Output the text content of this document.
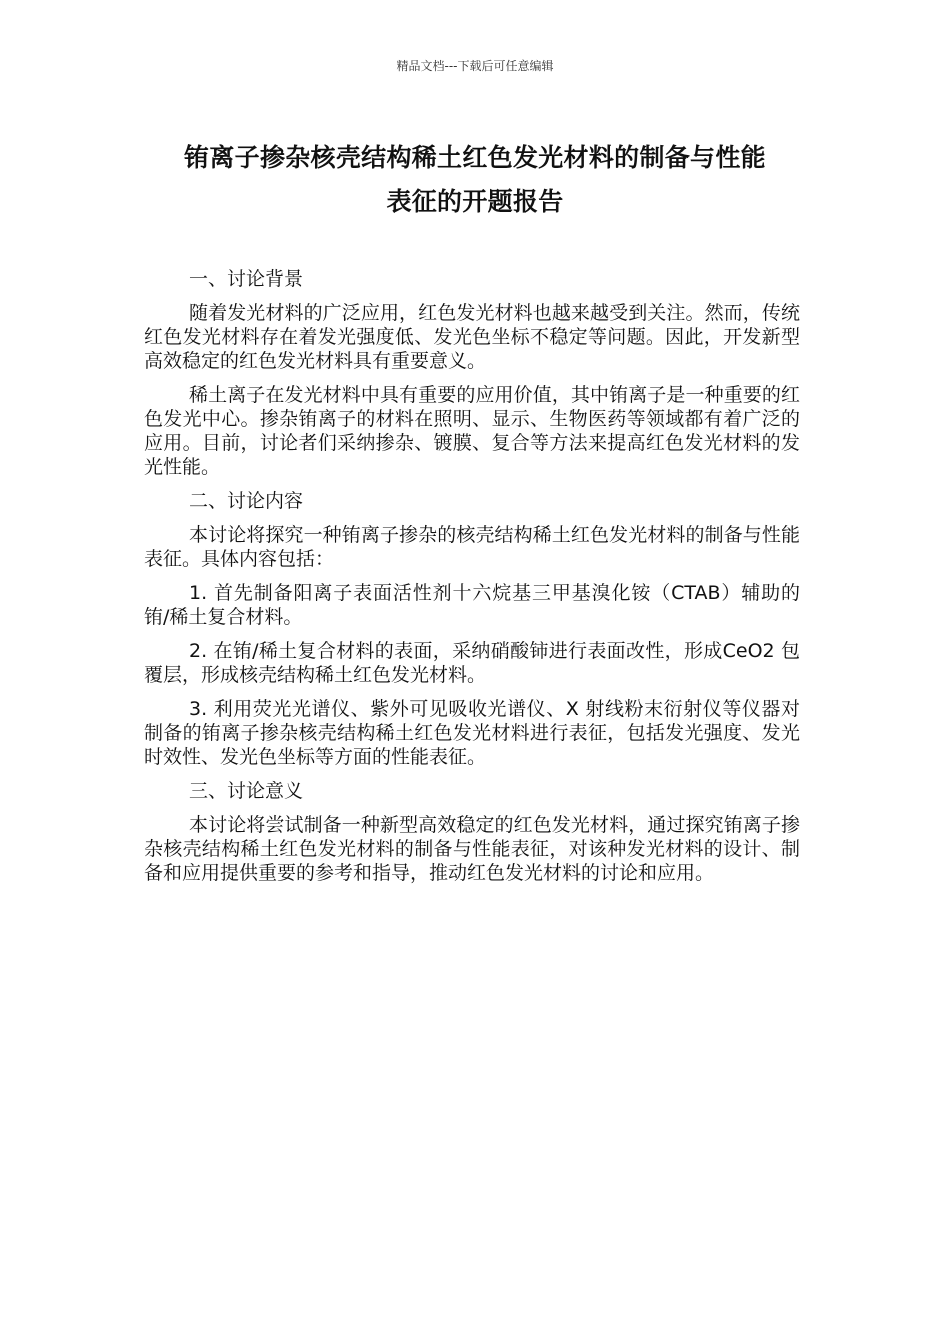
精品文档---下载后可任意编辑
铕离子掺杂核壳结构稀土红色发光材料的制备与性能
表征的开题报告

一、讨论背景

随着发光材料的广泛应用，红色发光材料也越来越受到关注。然而，传统红色发光材料存在着发光强度低、发光色坐标不稳定等问题。因此，开发新型高效稳定的红色发光材料具有重要意义。

稀土离子在发光材料中具有重要的应用价值，其中铕离子是一种重要的红色发光中心。掺杂铕离子的材料在照明、显示、生物医药等领域都有着广泛的应用。目前，讨论者们采纳掺杂、镀膜、复合等方法来提高红色发光材料的发光性能。

二、讨论内容

本讨论将探究一种铕离子掺杂的核壳结构稀土红色发光材料的制备与性能表征。具体内容包括：

1. 首先制备阳离子表面活性剂十六烷基三甲基溴化铵（CTAB）辅助的铕/稀土复合材料。

2. 在铕/稀土复合材料的表面，采纳硝酸铈进行表面改性，形成CeO2 包覆层，形成核壳结构稀土红色发光材料。

3. 利用荧光光谱仪、紫外可见吸收光谱仪、X 射线粉末衍射仪等仪器对制备的铕离子掺杂核壳结构稀土红色发光材料进行表征，包括发光强度、发光时效性、发光色坐标等方面的性能表征。

三、讨论意义

本讨论将尝试制备一种新型高效稳定的红色发光材料，通过探究铕离子掺杂核壳结构稀土红色发光材料的制备与性能表征，对该种发光材料的设计、制备和应用提供重要的参考和指导，推动红色发光材料的讨论和应用。
